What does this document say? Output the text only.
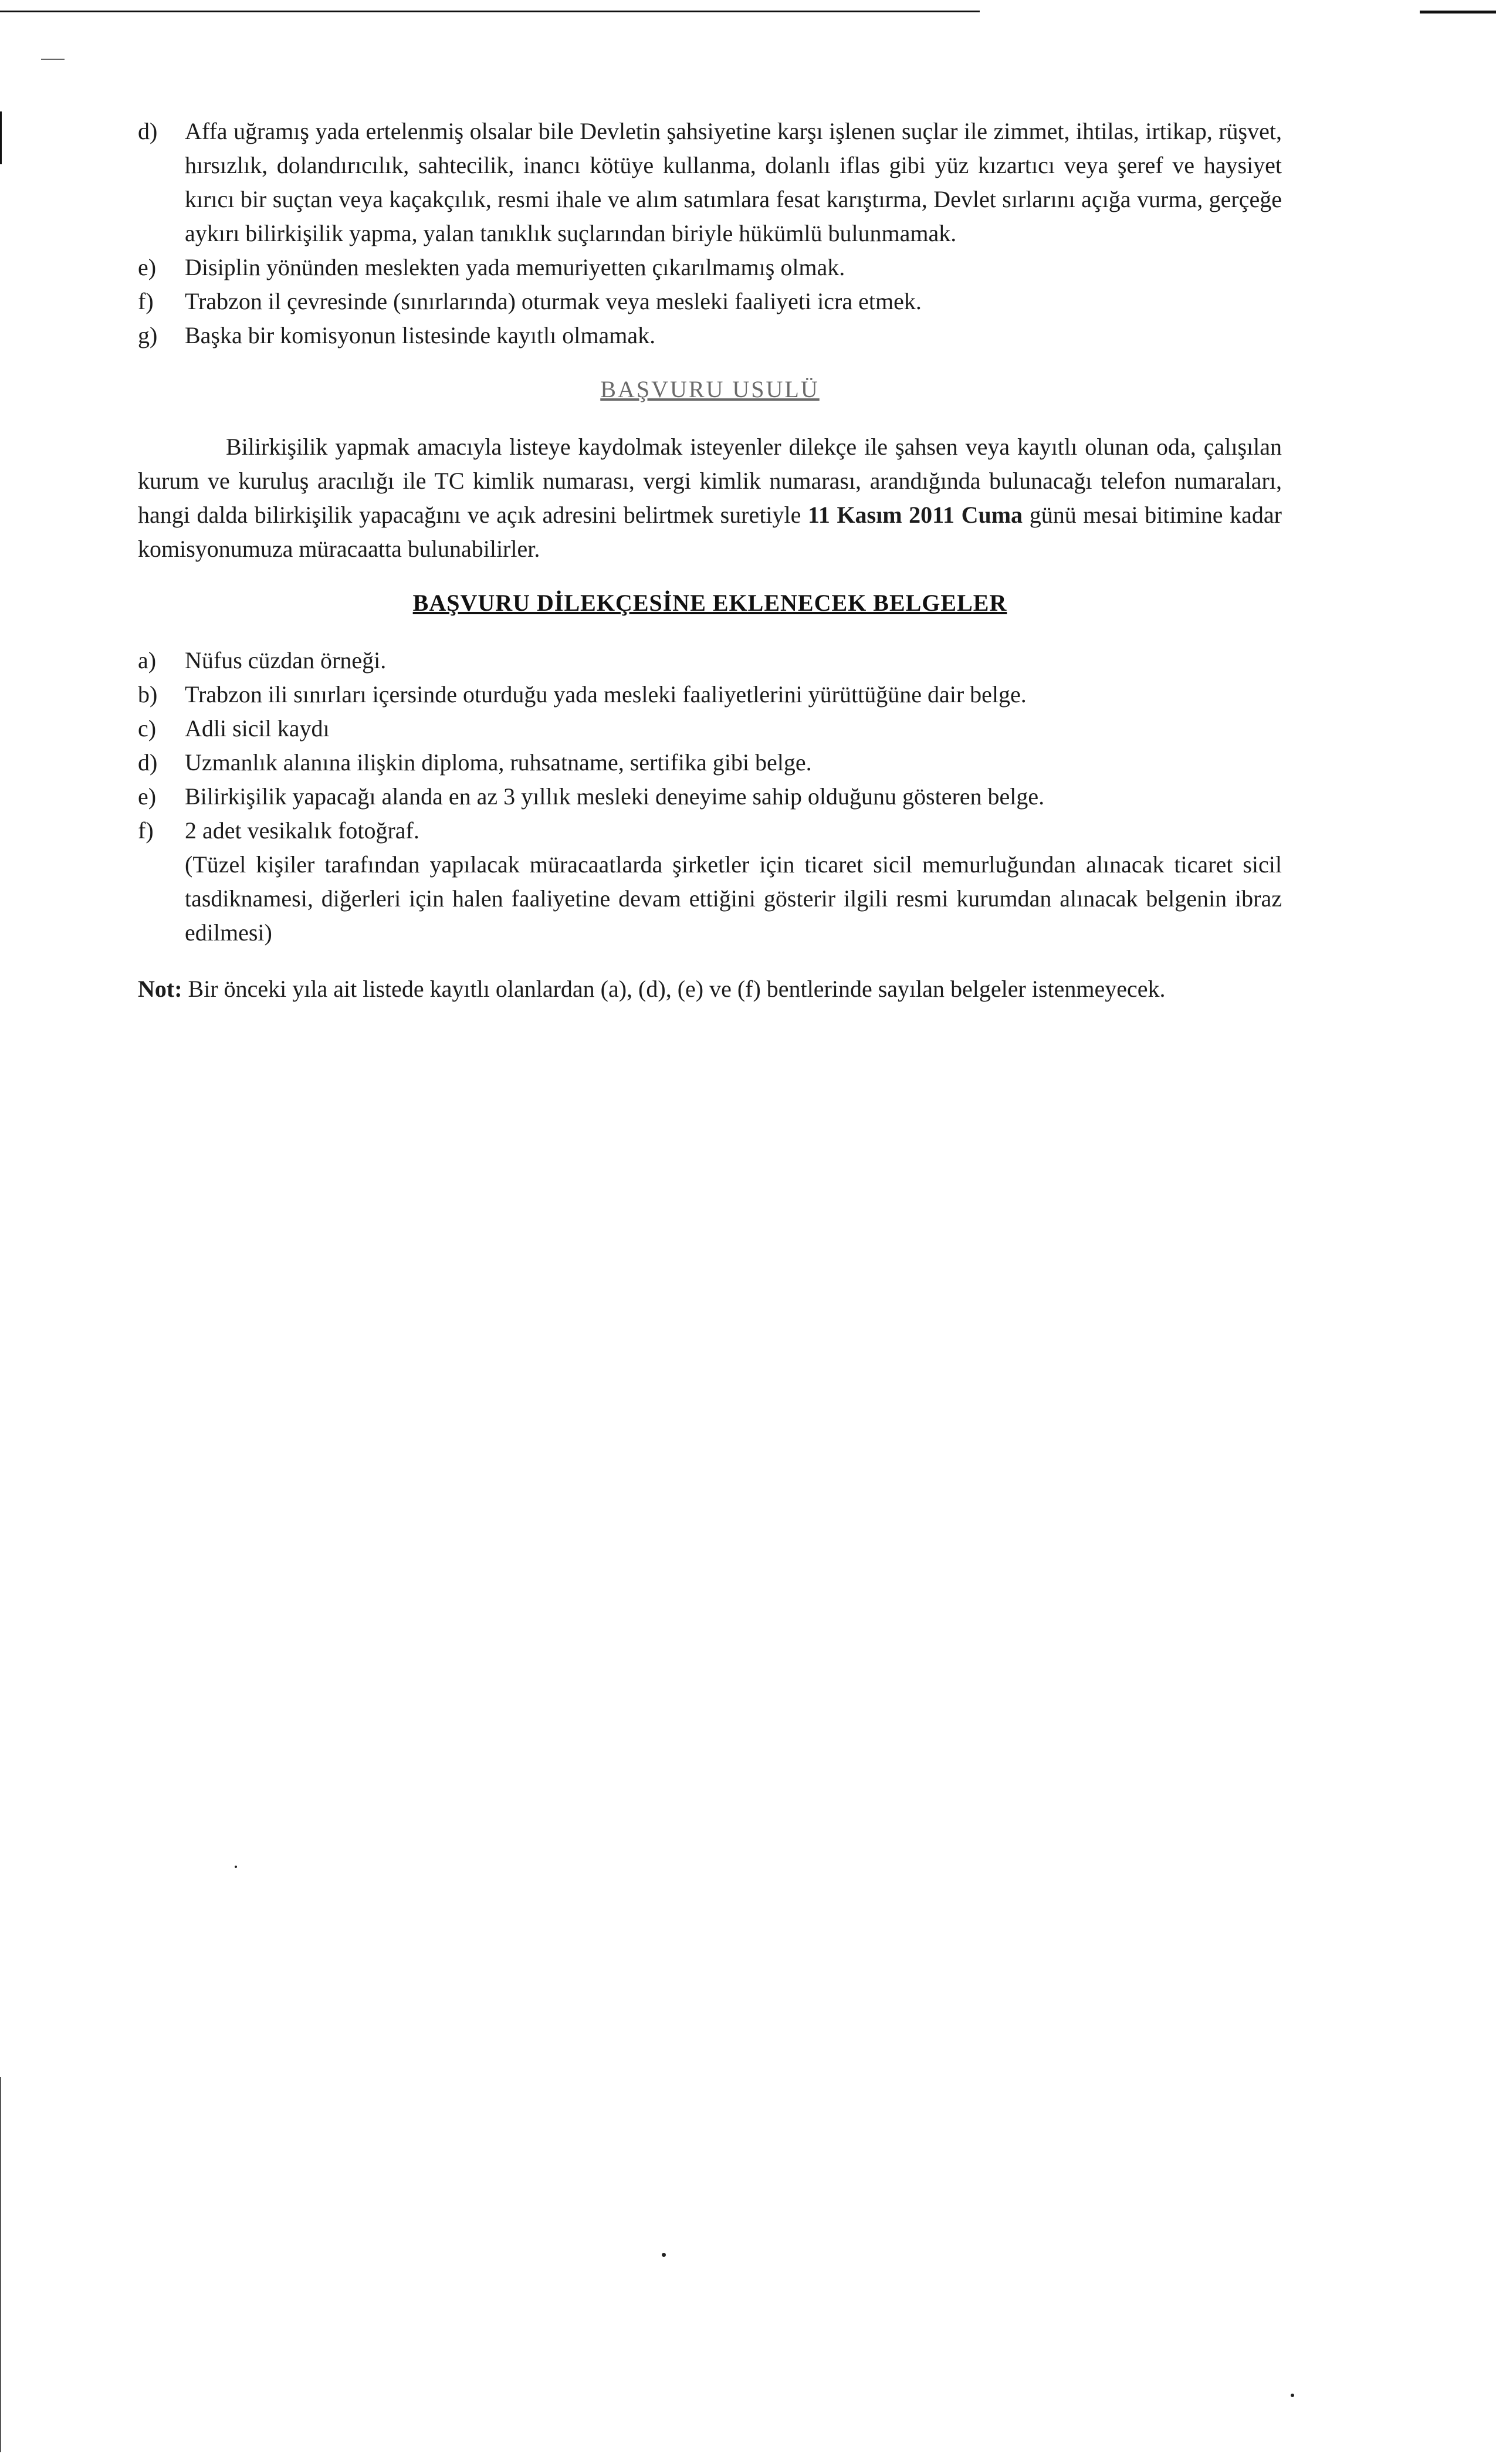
d) Affa uğramış yada ertelenmiş olsalar bile Devletin şahsiyetine karşı işlenen suçlar ile zimmet, ihtilas, irtikap, rüşvet, hırsızlık, dolandırıcılık, sahtecilik, inancı kötüye kullanma, dolanlı iflas gibi yüz kızartıcı veya şeref ve haysiyet kırıcı bir suçtan veya kaçakçılık, resmi ihale ve alım satımlara fesat karıştırma, Devlet sırlarını açığa vurma, gerçeğe aykırı bilirkişilik yapma, yalan tanıklık suçlarından biriyle hükümlü bulunmamak.
e) Disiplin yönünden meslekten yada memuriyetten çıkarılmamış olmak.
f) Trabzon il çevresinde (sınırlarında) oturmak veya mesleki faaliyeti icra etmek.
g) Başka bir komisyonun listesinde kayıtlı olmamak.
BAŞVURU USULÜ
Bilirkişilik yapmak amacıyla listeye kaydolmak isteyenler dilekçe ile şahsen veya kayıtlı olunan oda, çalışılan kurum ve kuruluş aracılığı ile TC kimlik numarası, vergi kimlik numarası, arandığında bulunacağı telefon numaraları, hangi dalda bilirkişilik yapacağını ve açık adresini belirtmek suretiyle 11 Kasım 2011 Cuma günü mesai bitimine kadar komisyonumuza müracaatta bulunabilirler.
BAŞVURU DİLEKÇESİNE EKLENECEK BELGELER
a) Nüfus cüzdan örneği.
b) Trabzon ili sınırları içersinde oturduğu yada mesleki faaliyetlerini yürüttüğüne dair belge.
c) Adli sicil kaydı
d) Uzmanlık alanına ilişkin diploma, ruhsatname, sertifika gibi belge.
e) Bilirkişilik yapacağı alanda en az 3 yıllık mesleki deneyime sahip olduğunu gösteren belge.
f) 2 adet vesikalık fotoğraf.
(Tüzel kişiler tarafından yapılacak müracaatlarda şirketler için ticaret sicil memurluğundan alınacak ticaret sicil tasdiknamesi, diğerleri için halen faaliyetine devam ettiğini gösterir ilgili resmi kurumdan alınacak belgenin ibraz edilmesi)
Not: Bir önceki yıla ait listede kayıtlı olanlardan (a), (d), (e) ve (f) bentlerinde sayılan belgeler istenmeyecek.
